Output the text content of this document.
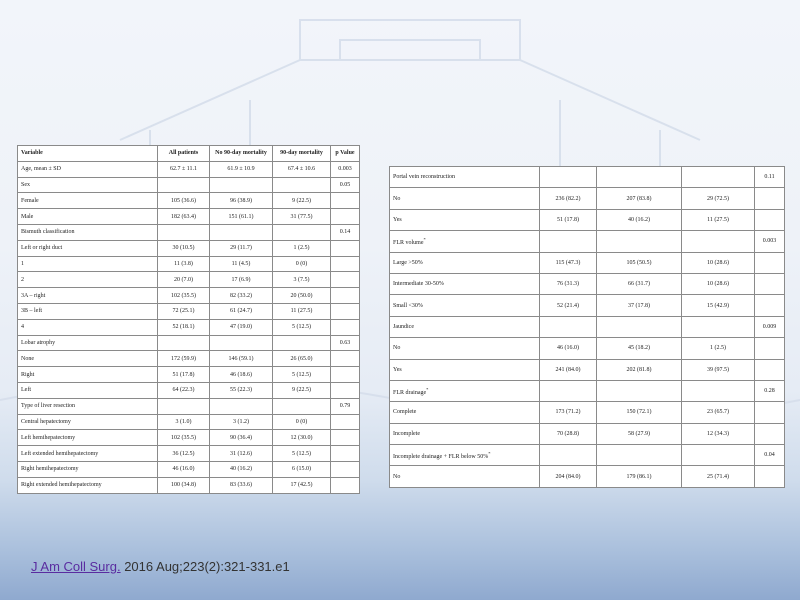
Variable	All patients	No 90-day mortality	90-day mortality	p Value
Age, mean ± SD	62.7 ± 11.1	61.9 ± 10.9	67.4 ± 10.6	0.003
Sex				0.05
Female	105 (36.6)	96 (38.9)	9 (22.5)	
Male	182 (63.4)	151 (61.1)	31 (77.5)	
Bismuth classification				0.14
Left or right duct	30 (10.5)	29 (11.7)	1 (2.5)	
1	11 (3.8)	11 (4.5)	0 (0)	
2	20 (7.0)	17 (6.9)	3 (7.5)	
3A – right	102 (35.5)	82 (33.2)	20 (50.0)	
3B – left	72 (25.1)	61 (24.7)	11 (27.5)	
4	52 (18.1)	47 (19.0)	5 (12.5)	
Lobar atrophy				0.63
None	172 (59.9)	146 (59.1)	26 (65.0)	
Right	51 (17.8)	46 (18.6)	5 (12.5)	
Left	64 (22.3)	55 (22.3)	9 (22.5)	
Type of liver resection				0.79
Central hepatectomy	3 (1.0)	3 (1.2)	0 (0)	
Left hemihepatectomy	102 (35.5)	90 (36.4)	12 (30.0)	
Left extended hemihepatectomy	36 (12.5)	31 (12.6)	5 (12.5)	
Right hemihepatectomy	46 (16.0)	40 (16.2)	6 (15.0)	
Right extended hemihepatectomy	100 (34.8)	83 (33.6)	17 (42.5)	
Portal vein reconstruction				0.11
No	236 (82.2)	207 (83.8)	29 (72.5)	
Yes	51 (17.8)	40 (16.2)	11 (27.5)	
FLR volume*				0.003
Large >50%	115 (47.3)	105 (50.5)	10 (28.6)	
Intermediate 30-50%	76 (31.3)	66 (31.7)	10 (28.6)	
Small <30%	52 (21.4)	37 (17.8)	15 (42.9)	
Jaundice				0.009
No	46 (16.0)	45 (18.2)	1 (2.5)	
Yes	241 (84.0)	202 (81.8)	39 (97.5)	
FLR drainage*				0.28
Complete	173 (71.2)	150 (72.1)	23 (65.7)	
Incomplete	70 (28.8)	58 (27.9)	12 (34.3)	
Incomplete drainage + FLR below 50%*				0.04
No	204 (84.0)	179 (86.1)	25 (71.4)	
J Am Coll Surg. 2016 Aug;223(2):321-331.e1
